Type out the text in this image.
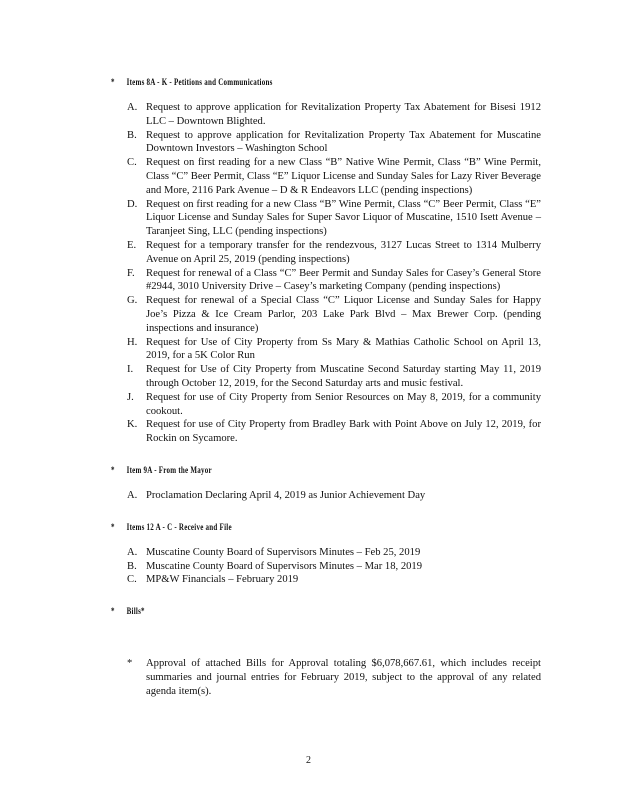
* Items 8A - K - Petitions and Communications
A. Request to approve application for Revitalization Property Tax Abatement for Bisesi 1912 LLC – Downtown Blighted.
B. Request to approve application for Revitalization Property Tax Abatement for Muscatine Downtown Investors – Washington School
C. Request on first reading for a new Class “B” Native Wine Permit, Class “B” Wine Permit, Class “C” Beer Permit, Class “E” Liquor License and Sunday Sales for Lazy River Beverage and More, 2116 Park Avenue – D & R Endeavors LLC (pending inspections)
D. Request on first reading for a new Class “B” Wine Permit, Class “C” Beer Permit, Class “E” Liquor License and Sunday Sales for Super Savor Liquor of Muscatine, 1510 Isett Avenue – Taranjeet Sing, LLC (pending inspections)
E. Request for a temporary transfer for the rendezvous, 3127 Lucas Street to 1314 Mulberry Avenue on April 25, 2019 (pending inspections)
F.	Request for renewal of a Class “C” Beer Permit and Sunday Sales for Casey’s General Store #2944, 3010 University Drive – Casey’s marketing Company (pending inspections)
G. Request for renewal of a Special Class “C” Liquor License and Sunday Sales for Happy Joe’s Pizza & Ice Cream Parlor, 203 Lake Park Blvd – Max Brewer Corp. (pending inspections and insurance)
H. Request for Use of City Property from Ss Mary & Mathias Catholic School on April 13, 2019, for a 5K Color Run
I.	Request for Use of City Property from Muscatine Second Saturday starting May 11, 2019 through October 12, 2019, for the Second Saturday arts and music festival.
J.	Request for use of City Property from Senior Resources on May 8, 2019, for a community cookout.
K. Request for use of City Property from Bradley Bark with Point Above on July 12, 2019, for Rockin on Sycamore.
* Item 9A - From the Mayor
A. Proclamation Declaring April 4, 2019 as Junior Achievement Day
* Items 12 A - C - Receive and File
A. Muscatine County Board of Supervisors Minutes – Feb 25, 2019
B. Muscatine County Board of Supervisors Minutes – Mar 18, 2019
C. MP&W Financials – February 2019
* Bills*
*	Approval of attached Bills for Approval totaling $6,078,667.61, which includes receipt summaries and journal entries for February 2019, subject to the approval of any related agenda item(s).
2
